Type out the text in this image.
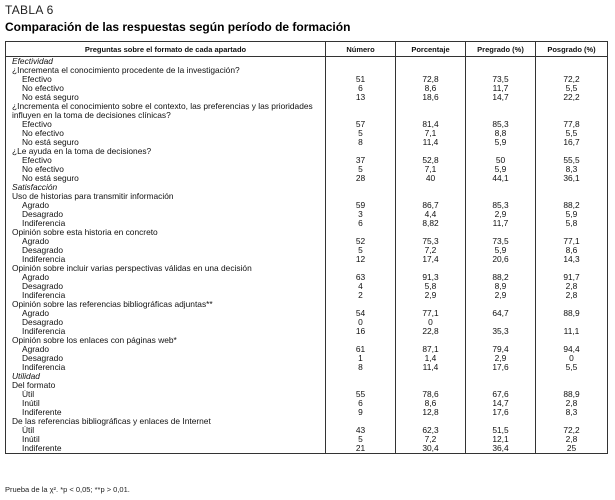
TABLA 6
Comparación de las respuestas según período de formación
Preguntas sobre el formato de cada apartado	Número	Porcentaje	Pregrado (%)	Posgrado (%)
Efectividad				
¿Incrementa el conocimiento procedente de la investigación?				
Efectivo	51	72,8	73,5	72,2
No efectivo	6	8,6	11,7	5,5
No está seguro	13	18,6	14,7	22,2
¿Incrementa el conocimiento sobre el contexto, las preferencias y las prioridades influyen en la toma de decisiones clínicas?				
Efectivo	57	81,4	85,3	77,8
No efectivo	5	7,1	8,8	5,5
No está seguro	8	11,4	5,9	16,7
¿Le ayuda en la toma de decisiones?				
Efectivo	37	52,8	50	55,5
No efectivo	5	7,1	5,9	8,3
No está seguro	28	40	44,1	36,1
Satisfacción				
Uso de historias para transmitir información				
Agrado	59	86,7	85,3	88,2
Desagrado	3	4,4	2,9	5,9
Indiferencia	6	8,82	11,7	5,8
Opinión sobre esta historia en concreto				
Agrado	52	75,3	73,5	77,1
Desagrado	5	7,2	5,9	8,6
Indiferencia	12	17,4	20,6	14,3
Opinión sobre incluir varias perspectivas válidas en una decisión				
Agrado	63	91,3	88,2	91,7
Desagrado	4	5,8	8,9	2,8
Indiferencia	2	2,9	2,9	2,8
Opinión sobre las referencias bibliográficas adjuntas**				
Agrado	54	77,1	64,7	88,9
Desagrado	0	0		
Indiferencia	16	22,8	35,3	11,1
Opinión sobre los enlaces con páginas web*				
Agrado	61	87,1	79,4	94,4
Desagrado	1	1,4	2,9	0
Indiferencia	8	11,4	17,6	5,5
Utilidad				
Del formato				
Útil	55	78,6	67,6	88,9
Inútil	6	8,6	14,7	2,8
Indiferente	9	12,8	17,6	8,3
De las referencias bibliográficas y enlaces de Internet				
Útil	43	62,3	51,5	72,2
Inútil	5	7,2	12,1	2,8
Indiferente	21	30,4	36,4	25
Prueba de la χ². *p < 0,05; **p > 0,01.
